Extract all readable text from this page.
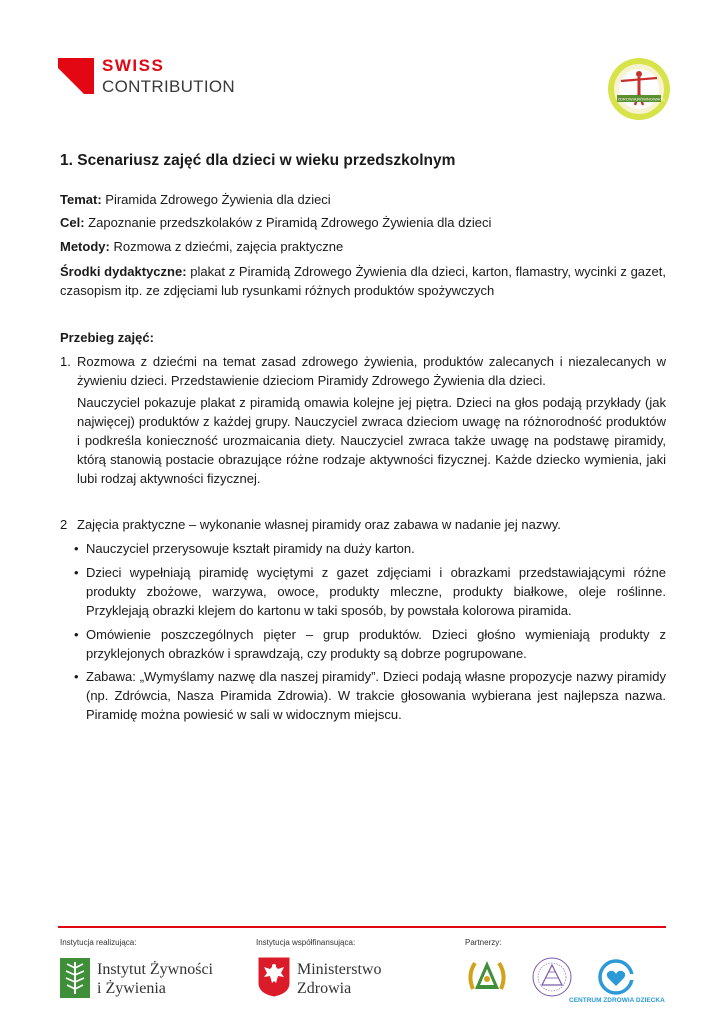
SWISS
CONTRIBUTION
ZDROWIAJ
RÓWNOWAGĘ
1. Scenariusz zajęć dla dzieci w wieku przedszkolnym
Temat: Piramida Zdrowego Żywienia dla dzieci
Cel: Zapoznanie przedszkolaków z Piramidą Zdrowego Żywienia dla dzieci
Metody: Rozmowa z dziećmi, zajęcia praktyczne
Środki dydaktyczne: plakat z Piramidą Zdrowego Żywienia dla dzieci, karton, flamastry, wycinki z gazet, czasopism itp. ze zdjęciami lub rysunkami różnych produktów spożywczych
Przebieg zajęć:
1. Rozmowa z dziećmi na temat zasad zdrowego żywienia, produktów zalecanych i niezalecanych w żywieniu dzieci. Przedstawienie dzieciom Piramidy Zdrowego Żywienia dla dzieci.
Nauczyciel pokazuje plakat z piramidą omawia kolejne jej piętra. Dzieci na głos podają przykłady (jak najwięcej) produktów z każdej grupy. Nauczyciel zwraca dzieciom uwagę na różnorodność produktów i podkreśla konieczność urozmaicania diety. Nauczyciel zwraca także uwagę na podstawę piramidy, którą stanowią postacie obrazujące różne rodzaje aktywności fizycznej. Każde dziecko wymienia, jaki lubi rodzaj aktywności fizycznej.
2 Zajęcia praktyczne – wykonanie własnej piramidy oraz zabawa w nadanie jej nazwy.
• Nauczyciel przerysowuje kształt piramidy na duży karton.
• Dzieci wypełniają piramidę wyciętymi z gazet zdjęciami i obrazkami przedstawiającymi różne produkty zbożowe, warzywa, owoce, produkty mleczne, produkty białkowe, oleje roślinne. Przyklejają obrazki klejem do kartonu w taki sposób, by powstała kolorowa piramida.
• Omówienie poszczególnych pięter – grup produktów. Dzieci głośno wymieniają produkty z przyklejonych obrazków i sprawdzają, czy produkty są dobrze pogrupowane.
• Zabawa: „Wymyślamy nazwę dla naszej piramidy”. Dzieci podają własne propozycje nazwy piramidy (np. Zdrówcia, Nasza Piramida Zdrowia). W trakcie głosowania wybierana jest najlepsza nazwa. Piramidę można powiesić w sali w widocznym miejscu.
Instytucja realizująca:	Instytucja współfinansująca:	Partnerzy:
Instytut Żywności
i Żywienia
Ministerstwo
Zdrowia
CENTRUM ZDROWIA DZIECKA
